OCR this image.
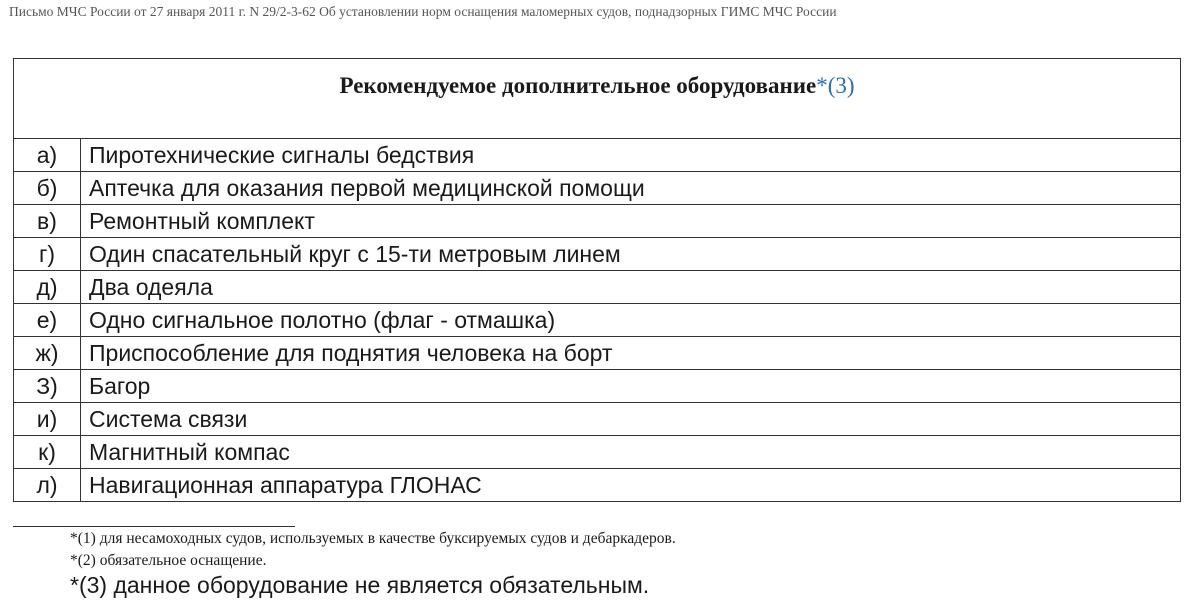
Письмо МЧС России от 27 января 2011 г. N 29/2-3-62 Об установлении норм оснащения маломерных судов, поднадзорных ГИМС МЧС России
Рекомендуемое дополнительное оборудование*(3)	
а)	Пиротехнические сигналы бедствия
б)	Аптечка для оказания первой медицинской помощи
в)	Ремонтный комплект
г)	Один спасательный круг с 15-ти метровым линем
д)	Два одеяла
е)	Одно сигнальное полотно (флаг - отмашка)
ж)	Приспособление для поднятия человека на борт
З)	Багор
и)	Система связи
к)	Магнитный компас
л)	Навигационная аппаратура ГЛОНАС
*(1) для несамоходных судов, используемых в качестве буксируемых судов и дебаркадеров.
*(2) обязательное оснащение.
*(3) данное оборудование не является обязательным.
